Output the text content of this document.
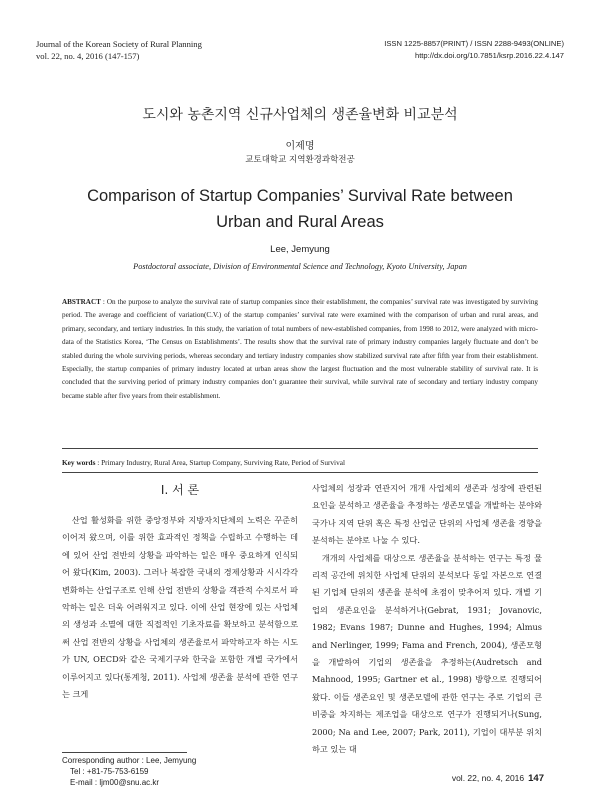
Journal of the Korean Society of Rural Planning
vol. 22, no. 4, 2016 (147-157)
ISSN 1225-8857(PRINT) / ISSN 2288-9493(ONLINE)
http://dx.doi.org/10.7851/ksrp.2016.22.4.147
도시와 농촌지역 신규사업체의 생존율변화 비교분석
이제명
교토대학교 지역환경과학전공
Comparison of Startup Companies’ Survival Rate between Urban and Rural Areas
Lee, Jemyung
Postdoctoral associate, Division of Environmental Science and Technology, Kyoto University, Japan
ABSTRACT : On the purpose to analyze the survival rate of startup companies since their establishment, the companies’ survival rate was investigated by surviving period. The average and coefficient of variation(C.V.) of the startup companies’ survival rate were examined with the comparison of urban and rural areas, and primary, secondary, and tertiary industries. In this study, the variation of total numbers of new-established companies, from 1998 to 2012, were analyzed with micro-data of the Statistics Korea, ‘The Census on Establishments’. The results show that the survival rate of primary industry companies largely fluctuate and don’t be stabled during the whole surviving periods, whereas secondary and tertiary industry companies show stabilized survival rate after fifth year from their establishment. Especially, the startup companies of primary industry located at urban areas show the largest fluctuation and the most vulnerable stability of survival rate. It is concluded that the surviving period of primary industry companies don’t guarantee their survival, while survival rate of secondary and tertiary industry company became stable after five years from their establishment.
Key words : Primary Industry, Rural Area, Startup Company, Surviving Rate, Period of Survival
I. 서 론

산업 활성화를 위한 중앙정부와 지방자치단체의 노력은 꾸준히 이어져 왔으며, 이를 위한 효과적인 정책을 수립하고 수행하는 데에 있어 산업 전반의 상황을 파악하는 일은 매우 중요하게 인식되어 왔다(Kim, 2003). 그러나 복잡한 국내의 경제상황과 시시각각 변화하는 산업구조로 인해 산업 전반의 상황을 객관적 수치로서 파악하는 일은 더욱 어려워지고 있다. 이에 산업 현장에 있는 사업체의 생성과 소멸에 대한 직접적인 기초자료를 확보하고 분석함으로써 산업 전반의 상황을 사업체의 생존율로서 파악하고자 하는 시도가 UN, OECD와 같은 국제기구와 한국을 포함한 개별 국가에서 이루어지고 있다(통계청, 2011). 사업체 생존율 분석에 관한 연구는 크게

사업체의 성장과 연관지어 개개 사업체의 생존과 성장에 관련된 요인을 분석하고 생존율을 추정하는 생존모델을 개발하는 분야와 국가나 지역 단위 혹은 특정 산업군 단위의 사업체 생존율 경향을 분석하는 분야로 나눌 수 있다.

개개의 사업체를 대상으로 생존율을 분석하는 연구는 특정 물리적 공간에 위치한 사업체 단위의 분석보다 동일 자본으로 연결된 기업체 단위의 생존율 분석에 초점이 맞추어져 있다. 개별 기업의 생존요인을 분석하거나(Gebrat, 1931; Jovanovic, 1982; Evans 1987; Dunne and Hughes, 1994; Almus and Nerlinger, 1999; Fama and French, 2004), 생존모형을 개발하여 기업의 생존율을 추정하는(Audretsch and Mahnood, 1995; Gartner et al., 1998) 방향으로 진행되어 왔다. 이들 생존요인 및 생존모델에 관한 연구는 주로 기업의 큰 비중을 차지하는 제조업을 대상으로 연구가 진행되거나(Sung, 2000; Na and Lee, 2007; Park, 2011), 기업이 대부분 위치하고 있는 대

Corresponding author : Lee, Jemyung
Tel : +81-75-753-6159
E-mail : ljm00@snu.ac.kr	vol. 22, no. 4, 2016 147
